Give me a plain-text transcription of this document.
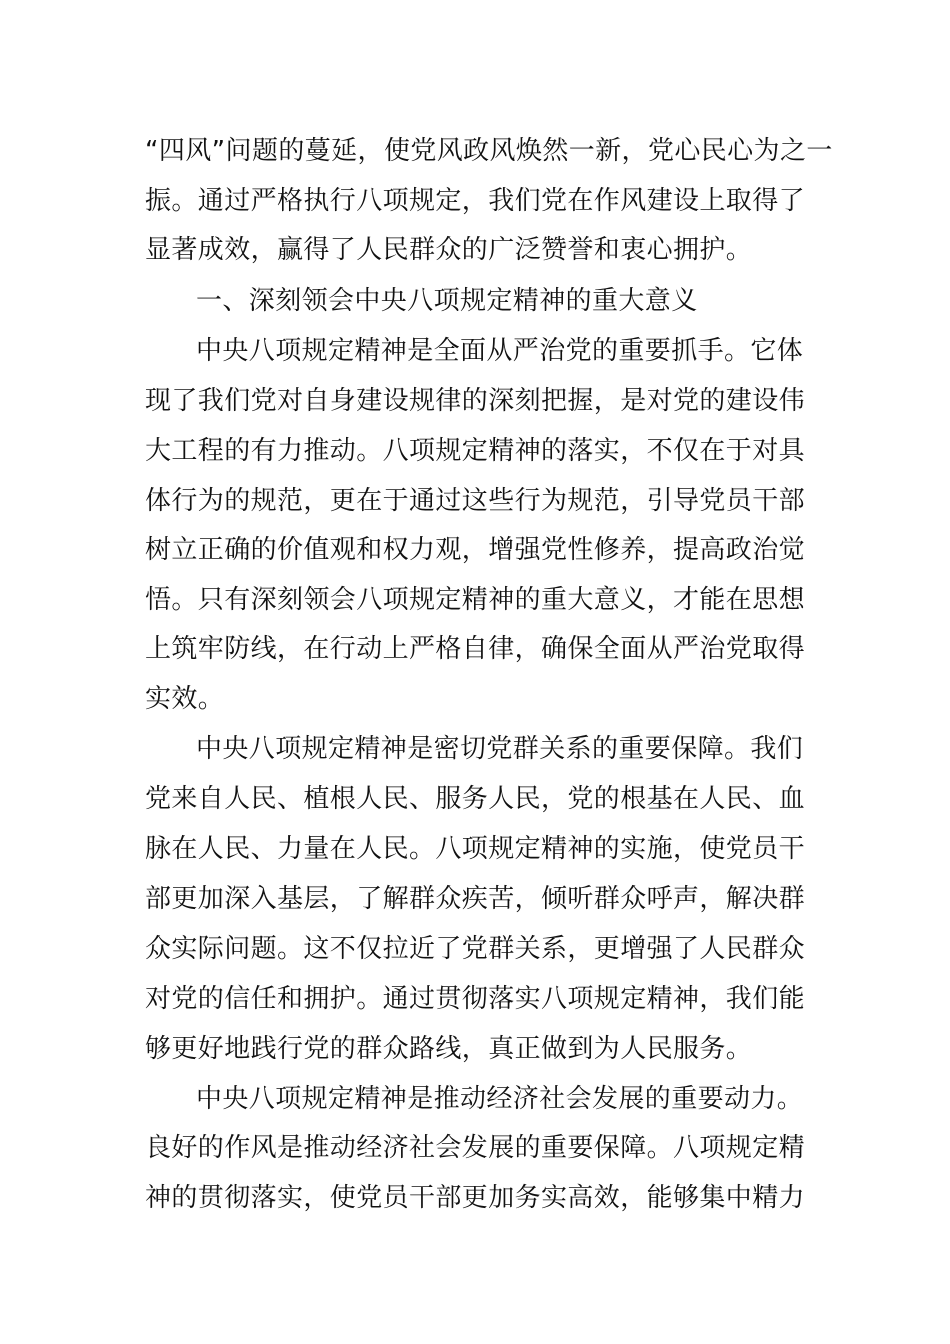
“四风”问题的蔓延，使党风政风焕然一新，党心民心为之一
振。通过严格执行八项规定，我们党在作风建设上取得了
显著成效，赢得了人民群众的广泛赞誉和衷心拥护。
一、深刻领会中央八项规定精神的重大意义
中央八项规定精神是全面从严治党的重要抓手。它体
现了我们党对自身建设规律的深刻把握，是对党的建设伟
大工程的有力推动。八项规定精神的落实，不仅在于对具
体行为的规范，更在于通过这些行为规范，引导党员干部
树立正确的价值观和权力观，增强党性修养，提高政治觉
悟。只有深刻领会八项规定精神的重大意义，才能在思想
上筑牢防线，在行动上严格自律，确保全面从严治党取得
实效。
中央八项规定精神是密切党群关系的重要保障。我们
党来自人民、植根人民、服务人民，党的根基在人民、血
脉在人民、力量在人民。八项规定精神的实施，使党员干
部更加深入基层，了解群众疾苦，倾听群众呼声，解决群
众实际问题。这不仅拉近了党群关系，更增强了人民群众
对党的信任和拥护。通过贯彻落实八项规定精神，我们能
够更好地践行党的群众路线，真正做到为人民服务。
中央八项规定精神是推动经济社会发展的重要动力。
良好的作风是推动经济社会发展的重要保障。八项规定精
神的贯彻落实，使党员干部更加务实高效，能够集中精力
